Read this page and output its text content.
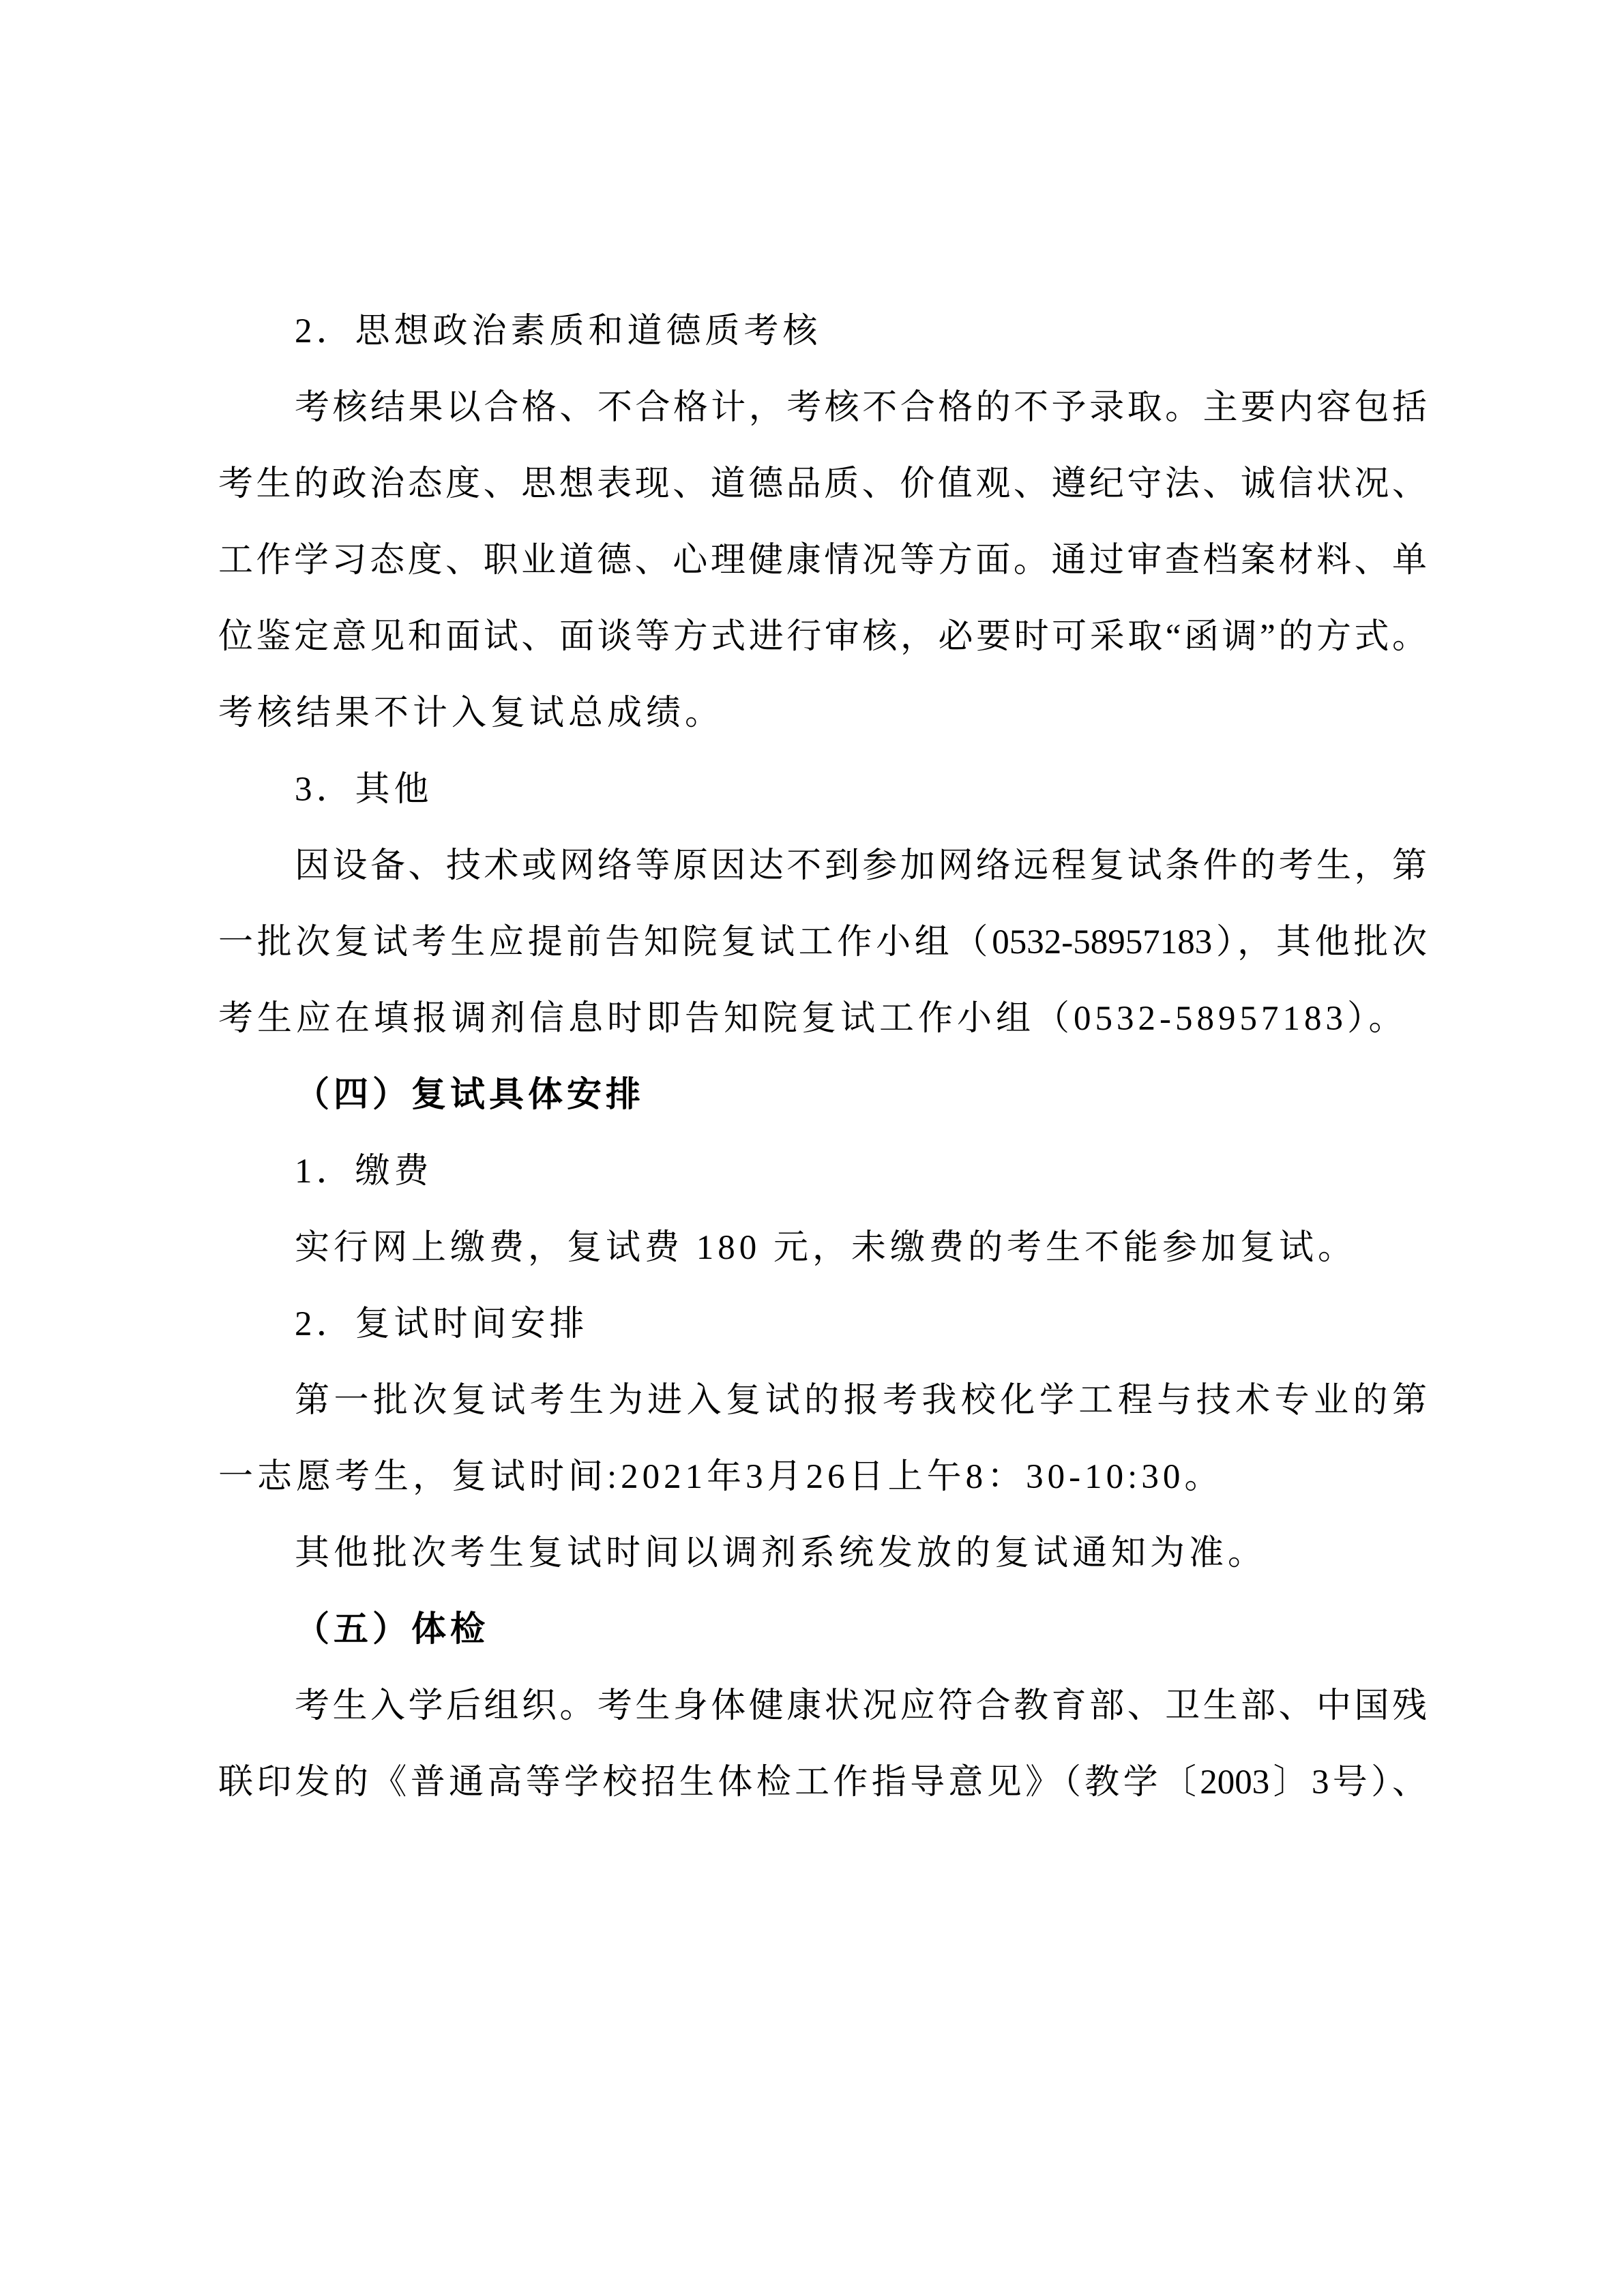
2．思想政治素质和道德质考核
考核结果以合格、不合格计，考核不合格的不予录取。主要内容包括
考生的政治态度、思想表现、道德品质、价值观、遵纪守法、诚信状况、
工作学习态度、职业道德、心理健康情况等方面。通过审查档案材料、单
位鉴定意见和面试、面谈等方式进行审核，必要时可采取“函调”的方式。
考核结果不计入复试总成绩。
3．其他
因设备、技术或网络等原因达不到参加网络远程复试条件的考生，第
一批次复试考生应提前告知院复试工作小组（0532-58957183），其他批次
考生应在填报调剂信息时即告知院复试工作小组（0532-58957183）。
（四）复试具体安排
1．缴费
实行网上缴费，复试费 180 元，未缴费的考生不能参加复试。
2．复试时间安排
第一批次复试考生为进入复试的报考我校化学工程与技术专业的第
一志愿考生，复试时间:2021年3月26日上午8：30-10:30。
其他批次考生复试时间以调剂系统发放的复试通知为准。
（五）体检
考生入学后组织。考生身体健康状况应符合教育部、卫生部、中国残
联印发的《普通高等学校招生体检工作指导意见》（教学〔2003〕3号）、
